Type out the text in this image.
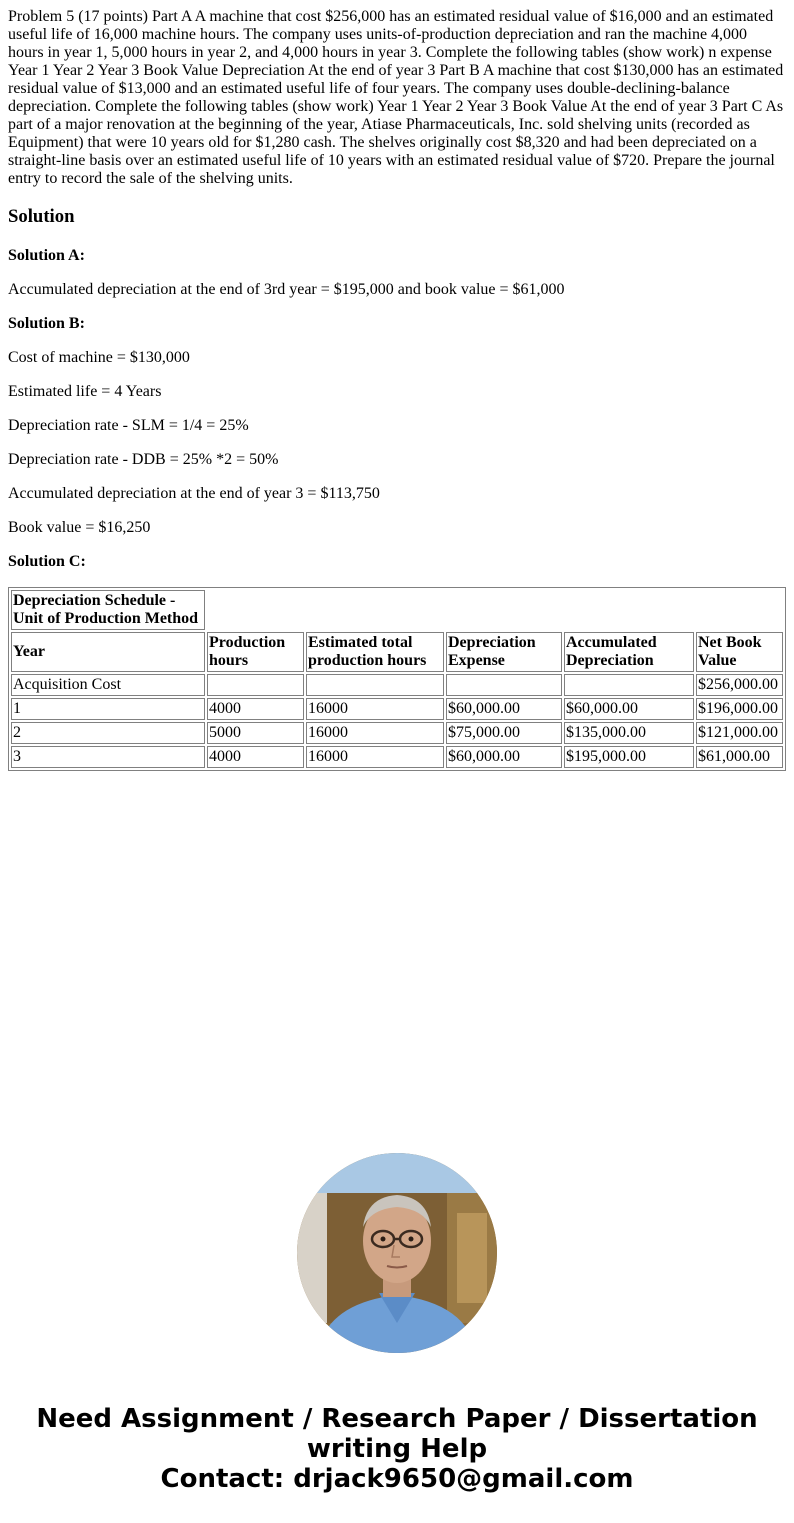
Problem 5 (17 points) Part A A machine that cost $256,000 has an estimated residual value of $16,000 and an estimated useful life of 16,000 machine hours. The company uses units-of-production depreciation and ran the machine 4,000 hours in year 1, 5,000 hours in year 2, and 4,000 hours in year 3. Complete the following tables (show work) n expense Year 1 Year 2 Year 3 Book Value Depreciation At the end of year 3 Part B A machine that cost $130,000 has an estimated residual value of $13,000 and an estimated useful life of four years. The company uses double-declining-balance depreciation. Complete the following tables (show work) Year 1 Year 2 Year 3 Book Value At the end of year 3 Part C As part of a major renovation at the beginning of the year, Atiase Pharmaceuticals, Inc. sold shelving units (recorded as Equipment) that were 10 years old for $1,280 cash. The shelves originally cost $8,320 and had been depreciated on a straight-line basis over an estimated useful life of 10 years with an estimated residual value of $720. Prepare the journal entry to record the sale of the shelving units.

Solution

Solution A:

Accumulated depreciation at the end of 3rd year = $195,000 and book value = $61,000

Solution B:

Cost of machine = $130,000

Estimated life = 4 Years

Depreciation rate - SLM = 1/4 = 25%

Depreciation rate - DDB = 25% *2 = 50%

Accumulated depreciation at the end of year 3 = $113,750

Book value = $16,250

Solution C:

Depreciation Schedule - Unit of Production Method					
Year	Production hours	Estimated total production hours	Depreciation Expense	Accumulated Depreciation	Net Book Value
Acquisition Cost					$256,000.00
1	4000	16000	$60,000.00	$60,000.00	$196,000.00
2	5000	16000	$75,000.00	$135,000.00	$121,000.00
3	4000	16000	$60,000.00	$195,000.00	$61,000.00
Need Assignment / Research Paper / Dissertation
writing Help
Contact: drjack9650@gmail.com
